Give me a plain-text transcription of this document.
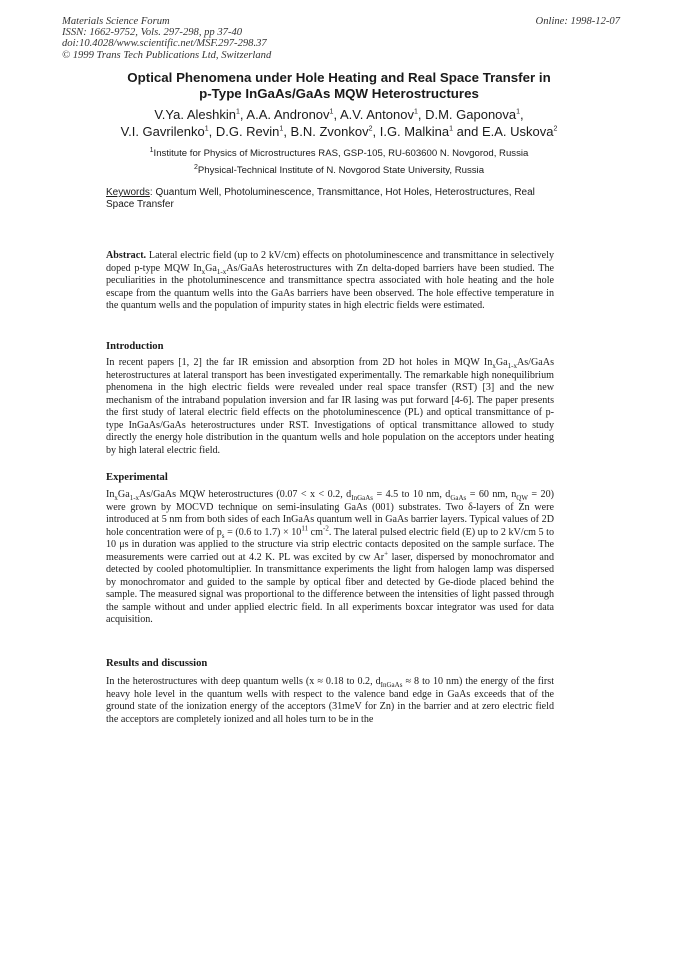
Materials Science Forum
ISSN: 1662-9752, Vols. 297-298, pp 37-40
doi:10.4028/www.scientific.net/MSF.297-298.37
© 1999 Trans Tech Publications Ltd, Switzerland
Online: 1998-12-07
Optical Phenomena under Hole Heating and Real Space Transfer in
p-Type InGaAs/GaAs MQW Heterostructures
V.Ya. Aleshkin$^1$, A.A. Andronov$^1$, A.V. Antonov$^1$, D.M. Gaponova$^1$,
V.I. Gavrilenko$^1$, D.G. Revin$^1$, B.N. Zvonkov$^2$, I.G. Malkina$^1$ and E.A. Uskova$^2$
$^1$Institute for Physics of Microstructures RAS, GSP-105, RU-603600 N. Novgorod, Russia
$^2$Physical-Technical Institute of N. Novgorod State University, Russia
Keywords: Quantum Well, Photoluminescence, Transmittance, Hot Holes, Heterostructures, Real Space Transfer
Abstract. Lateral electric field (up to 2 kV/cm) effects on photoluminescence and transmittance in selectively doped p-type MQW $In_xGa_{1-x}As$/GaAs heterostructures with Zn delta-doped barriers have been studied. The peculiarities in the photoluminescence and transmittance spectra associated with hole heating and the hole escape from the quantum wells into the GaAs barriers have been observed. The hole effective temperature in the quantum wells and the population of impurity states in high electric fields were estimated.
Introduction
In recent papers [1, 2] the far IR emission and absorption from 2D hot holes in MQW $In_xGa_{1-x}As$/GaAs heterostructures at lateral transport has been investigated experimentally. The remarkable high nonequilibrium phenomena in the high electric fields were revealed under real space transfer (RST) [3] and the new mechanism of the intraband population inversion and far IR lasing was put forward [4-6]. The paper presents the first study of lateral electric field effects on the photoluminescence (PL) and optical transmittance of p-type InGaAs/GaAs heterostructures under RST. Investigations of optical transmittance allowed to study directly the energy hole distribution in the quantum wells and hole population on the acceptors under heating by high lateral electric field.
Experimental
$In_xGa_{1-x}As$/GaAs MQW heterostructures (0.07 < x < 0.2, $d_{InGaAs} = 4.5$ to 10 nm, $d_{GaAs} = 60$ nm, $n_{QW} = 20$) were grown by MOCVD technique on semi-insulating GaAs (001) substrates. Two δ-layers of Zn were introduced at 5 nm from both sides of each InGaAs quantum well in GaAs barrier layers. Typical values of 2D hole concentration were of $p_s = (0.6$ to $1.7) \times 10^{11}$ $cm^{-2}$. The lateral pulsed electric field (E) up to 2 kV/cm 5 to 10 μs in duration was applied to the structure via strip electric contacts deposited on the sample surface. The measurements were carried out at 4.2 K. PL was excited by cw Ar+ laser, dispersed by monochromator and detected by cooled photomultiplier. In transmittance experiments the light from halogen lamp was dispersed by monochromator and guided to the sample by optical fiber and detected by Ge-diode placed behind the sample. The measured signal was proportional to the difference between the intensities of light passed through the sample without and under applied electric field. In all experiments boxcar integrator was used for data acquisition.
Results and discussion
In the heterostructures with deep quantum wells (x ≈ 0.18 to 0.2, $d_{InGaAs} \approx 8$ to 10 nm) the energy of the first heavy hole level in the quantum wells with respect to the valence band edge in GaAs exceeds that of the ground state of the ionization energy of the acceptors (31meV for Zn) in the barrier and at zero electric field the acceptors are completely ionized and all holes turn to be in the
